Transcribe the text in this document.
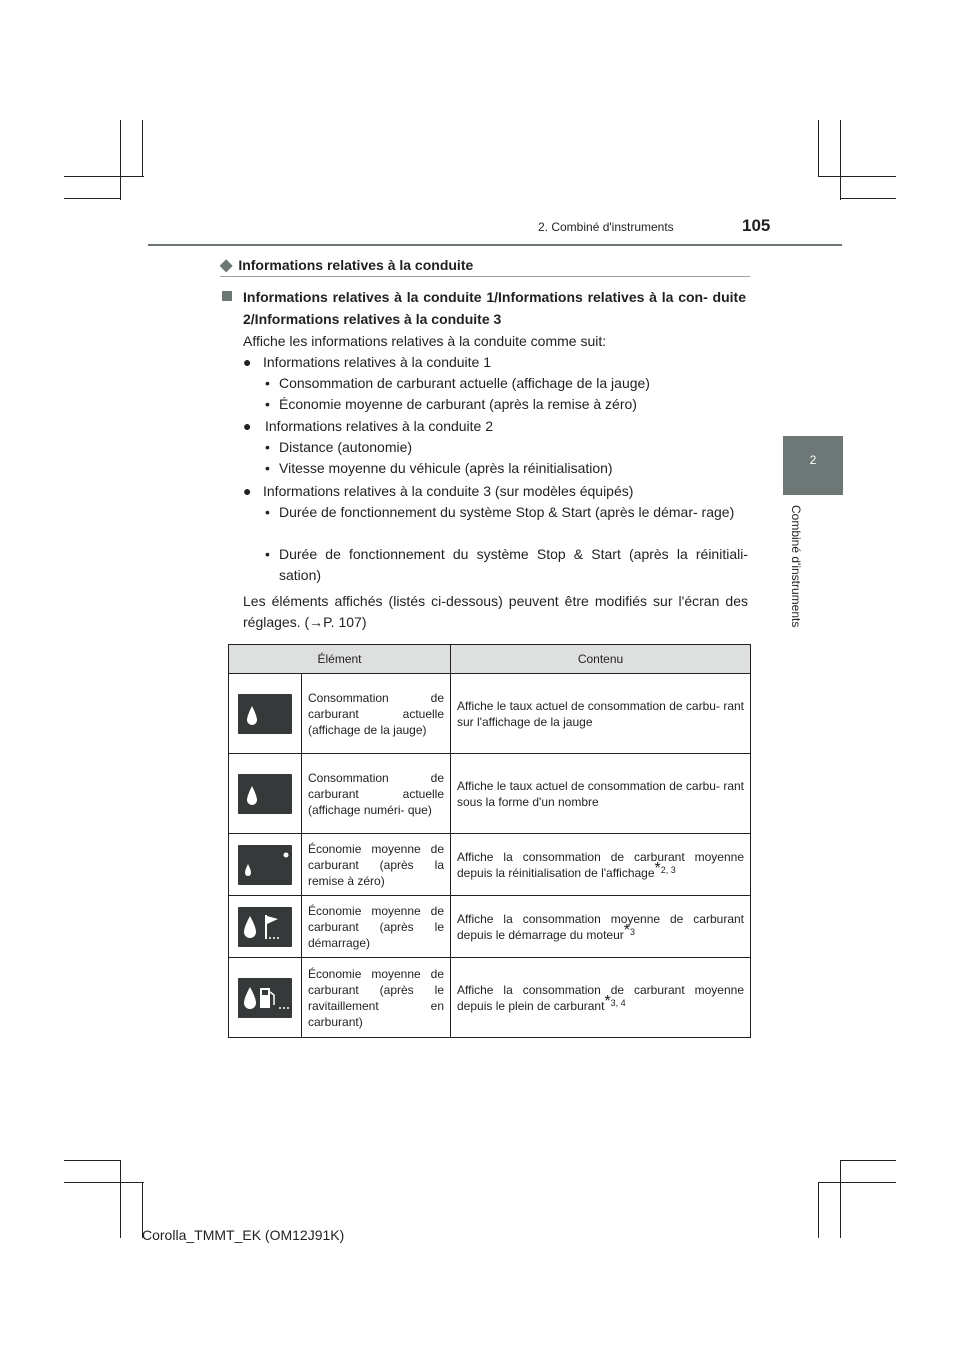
2. Combiné d'instruments	105
2
Combiné d'instruments
◆ Informations relatives à la conduite
Informations relatives à la conduite 1/Informations relatives à la con- duite 2/Informations relatives à la conduite 3
Affiche les informations relatives à la conduite comme suit:
● Informations relatives à la conduite 1
• Consommation de carburant actuelle (affichage de la jauge)
• Économie moyenne de carburant (après la remise à zéro)
● Informations relatives à la conduite 2
• Distance (autonomie)
• Vitesse moyenne du véhicule (après la réinitialisation)
● Informations relatives à la conduite 3 (sur modèles équipés)
• Durée de fonctionnement du système Stop & Start (après le démar- rage)
• Durée de fonctionnement du système Stop & Start (après la réinitiali- sation)
Les éléments affichés (listés ci-dessous) peuvent être modifiés sur l'écran des réglages. (→P. 107)
Élément		Contenu

	Consommation de carburant actuelle (affichage de la jauge)	Affiche le taux actuel de consommation de carbu- rant sur l'affichage de la jauge

	Consommation de carburant actuelle (affichage numéri- que)	Affiche le taux actuel de consommation de carbu- rant sous la forme d'un nombre

	Économie moyenne de carburant (après la remise à zéro)	Affiche la consommation de carburant moyenne depuis la réinitialisation de l'affichage$^{*2, 3}$

	Économie moyenne de carburant (après le démarrage)	Affiche la consommation moyenne de carburant depuis le démarrage du moteur$^{*3}$

	Économie moyenne de carburant (après le ravitaillement en carburant)	Affiche la consommation de carburant moyenne depuis le plein de carburant$^{*3, 4}$
Corolla_TMMT_EK (OM12J91K)
